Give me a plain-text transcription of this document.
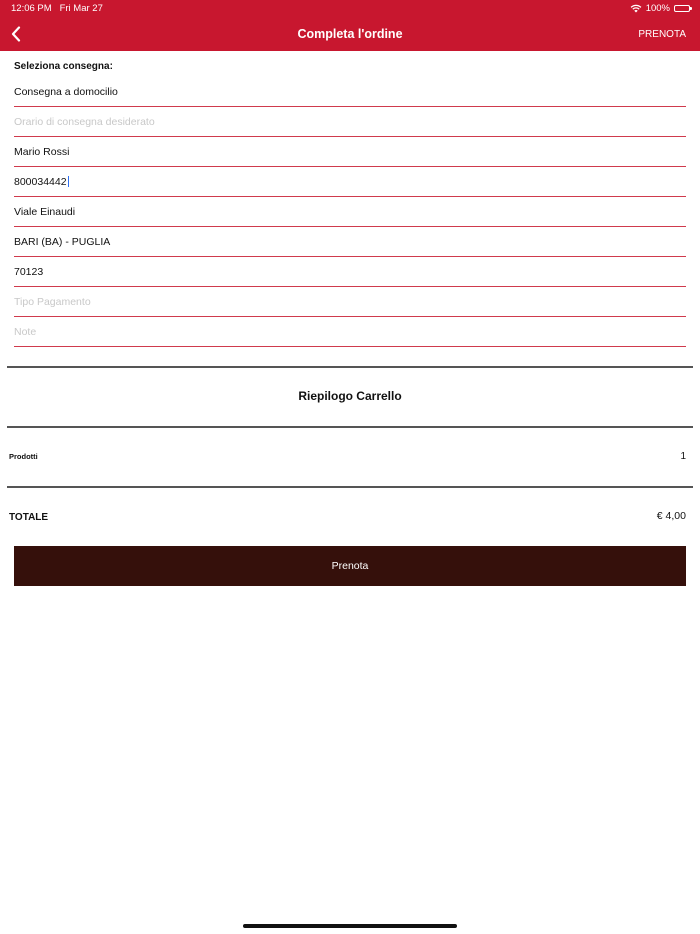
12:06 PM Fri Mar 27	100%
Completa l'ordine	PRENOTA
Seleziona consegna:
Consegna a domocilio
Orario di consegna desiderato
Mario Rossi
800034442
Viale Einaudi
BARI (BA) - PUGLIA
70123
Tipo Pagamento
Note
Riepilogo Carrello
Prodotti	1
TOTALE	€ 4,00
Prenota
